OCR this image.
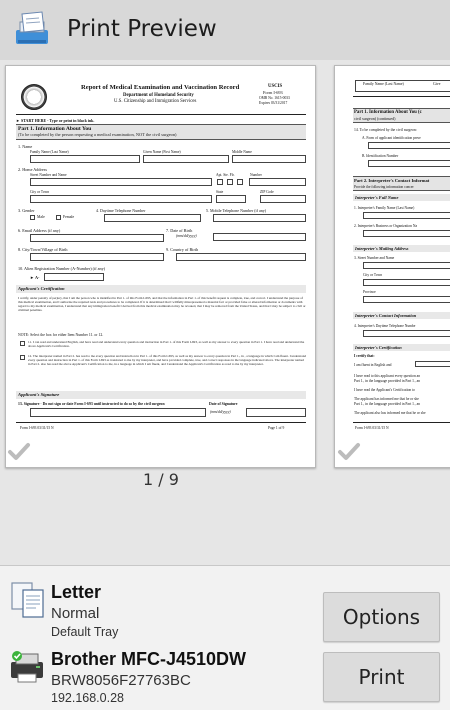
Print Preview
Report of Medical Examination and Vaccination Record
Department of Homeland Security
U.S. Citizenship and Immigration Services
USCIS
Form I-693
OMB No. 1615-0033
Expires 03/31/2017
► START HERE - Type or print in black ink.
Part 1. Information About You
(To be completed by the person requesting a medical examination, NOT the civil surgeon)
1. Name
Family Name (Last Name)	Given Name (First Name)	Middle Name
2. Home Address
Street Number and Name	Apt. Ste. Flr.	Number
City or Town	State	ZIP Code
3. Gender
Male	Female
4. Daytime Telephone Number	5. Mobile Telephone Number (if any)
6. Email Address (if any)	7. Date of Birth
(mm/dd/yyyy)
8. City/Town/Village of Birth	9. Country of Birth
10. Alien Registration Number (A-Number) (if any)
► A-
Applicant's Certification
I certify, under penalty of perjury, that I am the person who is identified in Part 1. of this Form I-693, and that the information in Part 1. of this benefit request is complete, true, and correct. I understand the purpose of this medical examination, and I authorize the required tests and procedures to be completed. If it is determined that I willfully misrepresented a material fact or provided false or altered information or documents with regard to my medical examination, I understand that any immigration benefit I derived from this medical examination may be revoked, that I may be removed from the United States, and that I may be subject to civil or criminal penalties.
NOTE: Select the box for either Item Number 11. or 12.
11. I can read and understand English, and have read and understand every question and instruction in Part 1. of this Form I-693, as well as my answer to every question in Part 1. I have read and understand the above Applicant's Certification.
12. The interpreter named in Part 2. has read to me every question and instruction in Part 1. of this Form I-693, as well as my answer to every question in Part 1., in , a language in which I am fluent. I understand every question and instruction in Part 1. of this Form I-693 as translated to me by my interpreter, and have provided complete, true, and correct responses in the language indicated above. The interpreter named in Part 2. also has read the above Applicant's Certification to me, in a language in which I am fluent, and I understand the Applicant's Certification as read to me by my interpreter.
Applicant's Signature
13. Signature - Do not sign or date Form I-693 until instructed to do so by the civil surgeon	Date of Signature
(mm/dd/yyyy)
Form I-693 03/31/15 N	Page 1 of 9
Family Name (Last Name)	Give
Part 1. Information About You (c
civil surgeon) (continued)
14. To be completed by the civil surgeon:
A. Form of applicant identification prese
B. Identification Number
Part 2. Interpreter's Contact Informat
Provide the following information concer
Interpreter's Full Name
1. Interpreter's Family Name (Last Name)
2. Interpreter's Business or Organization Na
Interpreter's Mailing Address
3. Street Number and Name
City or Town
Province
Interpreter's Contact Information
4. Interpreter's Daytime Telephone Numbe
Interpreter's Certification
I certify that:
I am fluent in English and
I have read to this applicant every question an
Part 1., in the language provided in Part 1., an
I have read the Applicant's Certification to
The applicant has informed me that he or she
Part 1., in the language provided in Part 1., an
The applicant also has informed me that he or she
Form I-693 03/31/15 N
1 / 9
Letter
Normal
Default Tray
Brother MFC-J4510DW
BRW8056F27763BC
192.168.0.28
Options
Print
